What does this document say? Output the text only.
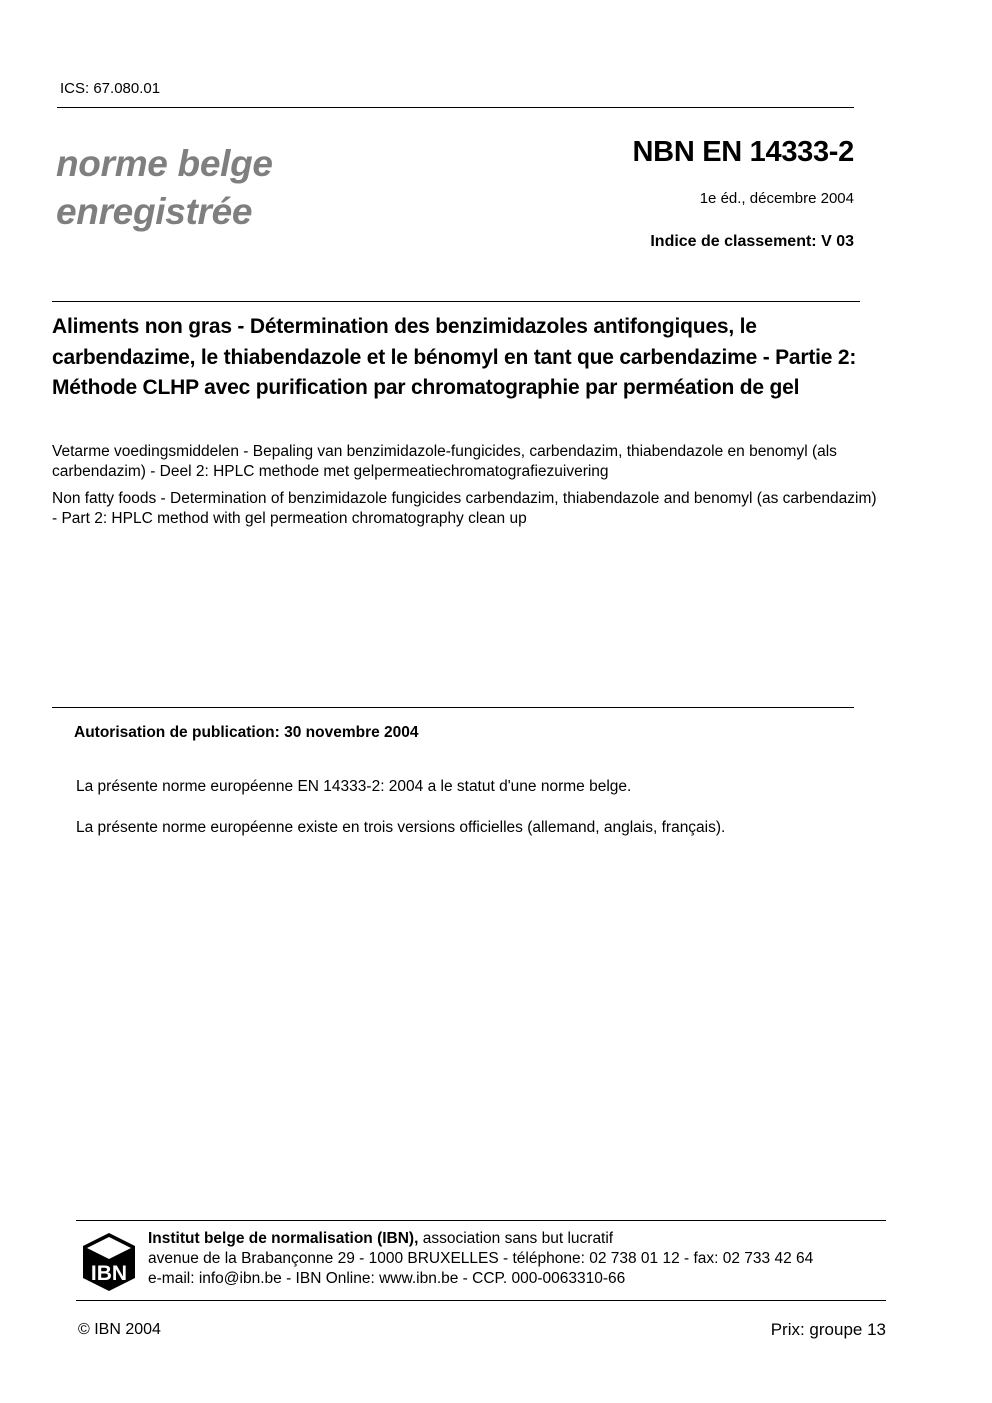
ICS: 67.080.01
norme belge
enregistrée
NBN EN 14333-2
1e éd., décembre 2004
Indice de classement: V 03
Aliments non gras - Détermination des benzimidazoles antifongiques, le carbendazime, le thiabendazole et le bénomyl en tant que carbendazime - Partie 2: Méthode CLHP avec purification par chromatographie par perméation de gel
Vetarme voedingsmiddelen - Bepaling van benzimidazole-fungicides, carbendazim, thiabendazole en benomyl (als carbendazim) - Deel 2: HPLC methode met gelpermeatiechromatografiezuivering
Non fatty foods - Determination of benzimidazole fungicides carbendazim, thiabendazole and benomyl (as carbendazim) - Part 2: HPLC method with gel permeation chromatography clean up
Autorisation de publication: 30 novembre 2004
La présente norme européenne EN 14333-2: 2004 a le statut d'une norme belge.
La présente norme européenne existe en trois versions officielles (allemand, anglais, français).
IBN
Institut belge de normalisation (IBN), association sans but lucratif
avenue de la Brabançonne 29 - 1000 BRUXELLES - téléphone: 02 738 01 12 - fax: 02 733 42 64
e-mail: info@ibn.be - IBN Online: www.ibn.be - CCP. 000-0063310-66
© IBN 2004	Prix: groupe 13
